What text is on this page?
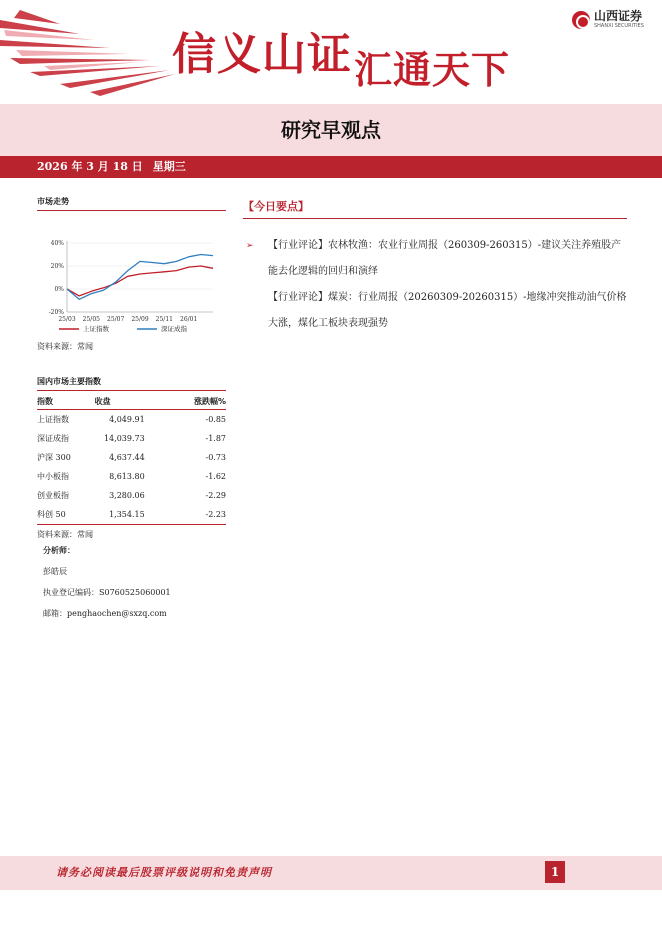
信义山证汇通天下
山西证券
SHANXI SECURITIES
研究早观点
2026 年 3 月 18 日 星期三
市场走势
40%
20%
0%
-20%
25/03 25/05 25/07 25/09 25/11 26/01
上证指数	深证成指
资料来源：常闻
国内市场主要指数
指数	收盘	涨跌幅%
上证指数	4,049.91	-0.85
深证成指	14,039.73	-1.87
沪深 300	4,637.44	-0.73
中小板指	8,613.80	-1.62
创业板指	3,280.06	-2.29
科创 50	1,354.15	-2.23
资料来源：常闻
分析师：
彭皓辰
执业登记编码：S0760525060001
邮箱：penghaochen@sxzq.com
【今日要点】
➢ 【行业评论】农林牧渔：农业行业周报（260309-260315）-建议关注养殖股产能去化逻辑的回归和演绎
【行业评论】煤炭：行业周报（20260309-20260315）-地缘冲突推动油气价格大涨，煤化工板块表现强势
请务必阅读最后股票评级说明和免责声明	1
